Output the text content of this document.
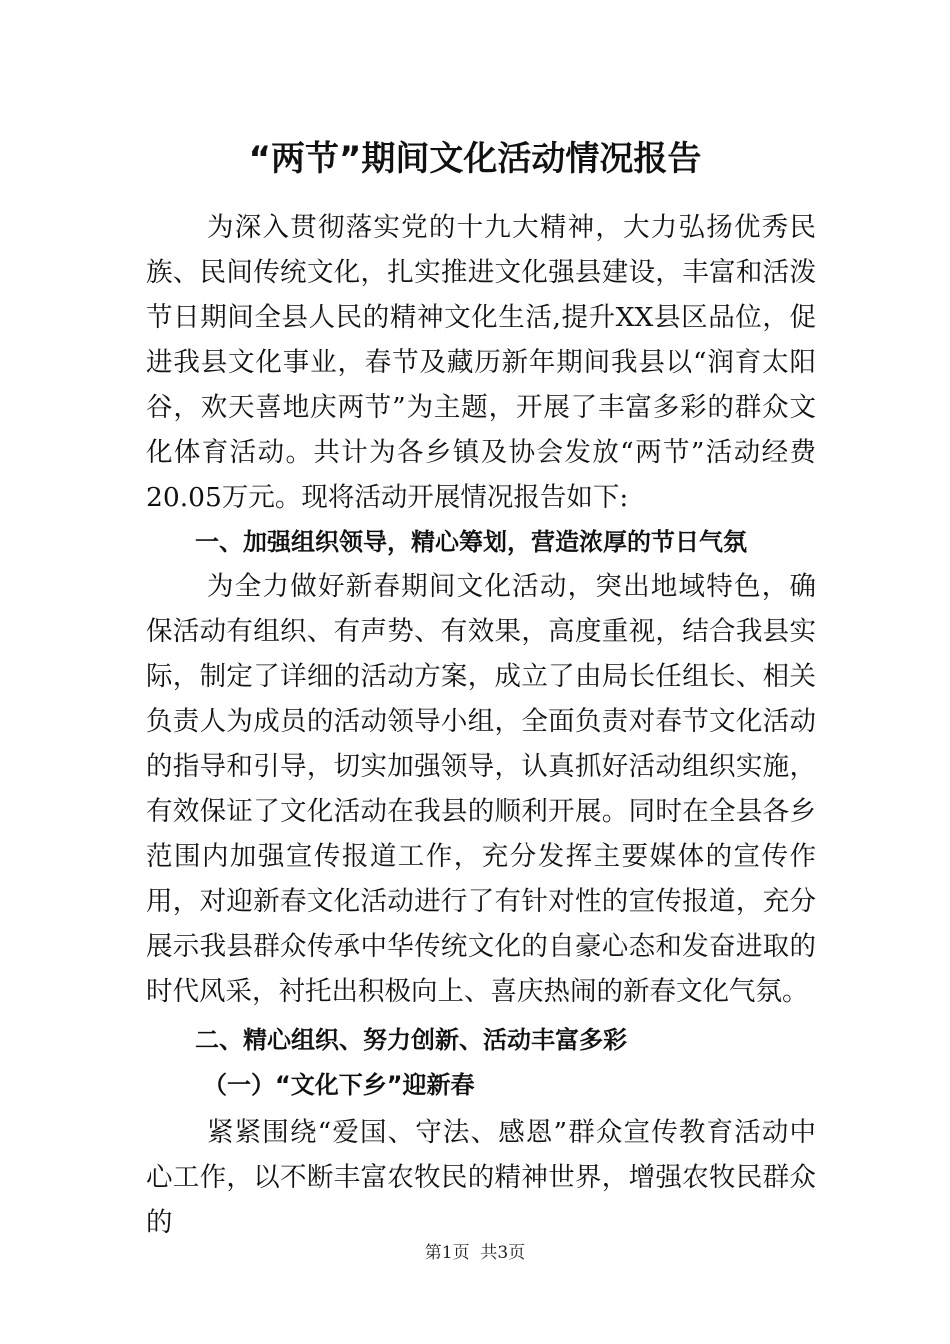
“两节”期间文化活动情况报告

为深入贯彻落实党的十九大精神，大力弘扬优秀民族、民间传统文化，扎实推进文化强县建设，丰富和活泼节日期间全县人民的精神文化生活,提升XX县区品位，促进我县文化事业，春节及藏历新年期间我县以“润育太阳谷，欢天喜地庆两节”为主题，开展了丰富多彩的群众文化体育活动。共计为各乡镇及协会发放“两节”活动经费20.05万元。现将活动开展情况报告如下:

一、加强组织领导，精心筹划，营造浓厚的节日气氛

为全力做好新春期间文化活动，突出地域特色，确保活动有组织、有声势、有效果，高度重视，结合我县实际，制定了详细的活动方案，成立了由局长任组长、相关负责人为成员的活动领导小组，全面负责对春节文化活动的指导和引导，切实加强领导，认真抓好活动组织实施，有效保证了文化活动在我县的顺利开展。同时在全县各乡范围内加强宣传报道工作，充分发挥主要媒体的宣传作用，对迎新春文化活动进行了有针对性的宣传报道，充分展示我县群众传承中华传统文化的自豪心态和发奋进取的时代风采，衬托出积极向上、喜庆热闹的新春文化气氛。

二、精心组织、努力创新、活动丰富多彩
（一）“文化下乡”迎新春

紧紧围绕“爱国、守法、感恩”群众宣传教育活动中心工作，以不断丰富农牧民的精神世界，增强农牧民群众的

第1页 共3页
